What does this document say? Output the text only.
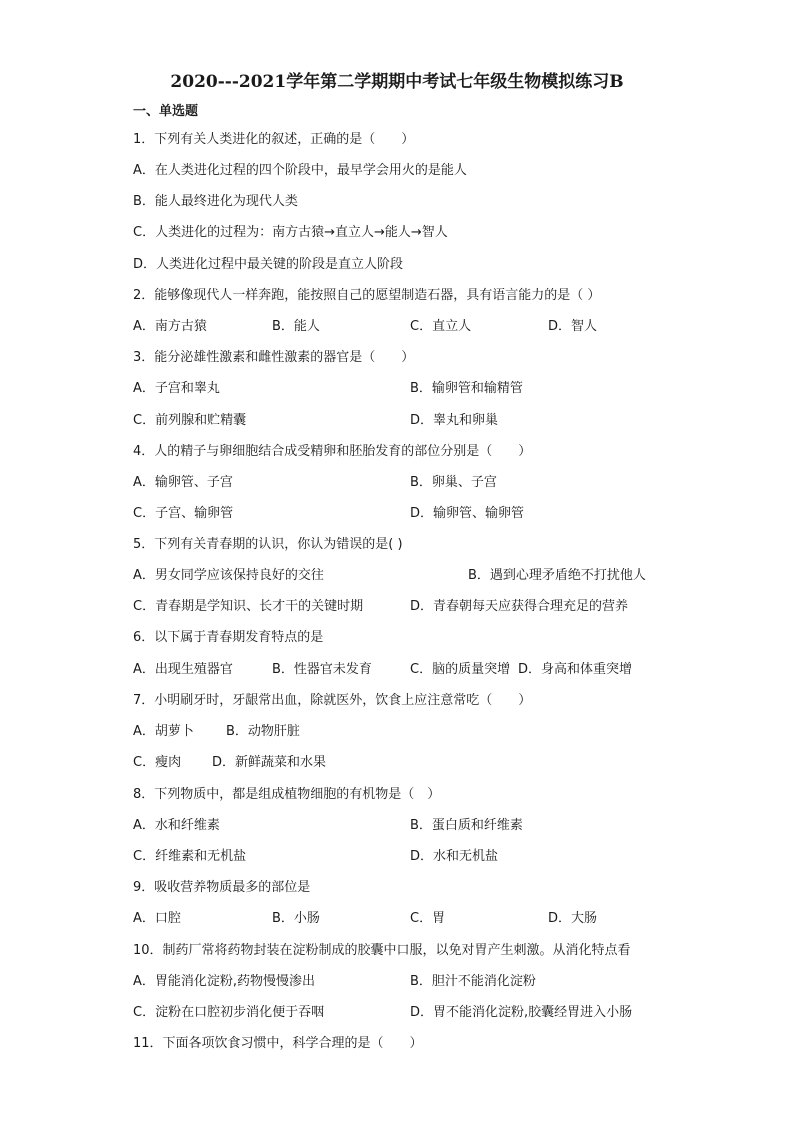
2020---2021学年第二学期期中考试七年级生物模拟练习B
一、单选题
1．下列有关人类进化的叙述，正确的是（　　）
A．在人类进化过程的四个阶段中，最早学会用火的是能人
B．能人最终进化为现代人类
C．人类进化的过程为：南方古猿→直立人→能人→智人
D．人类进化过程中最关键的阶段是直立人阶段
2．能够像现代人一样奔跑，能按照自己的愿望制造石器，具有语言能力的是（ ）
A．南方古猿	B．能人	C．直立人	D．智人
3．能分泌雄性激素和雌性激素的器官是（　　）
A．子宫和睾丸	B．输卵管和输精管
C．前列腺和贮精囊	D．睾丸和卵巢
4．人的精子与卵细胞结合成受精卵和胚胎发育的部位分别是（　　）
A．输卵管、子宫	B．卵巢、子宫
C．子宫、输卵管	D．输卵管、输卵管
5．下列有关青春期的认识，你认为错误的是( )
A．男女同学应该保持良好的交往	B．遇到心理矛盾绝不打扰他人
C．青春期是学知识、长才干的关键时期	D．青春朝每天应获得合理充足的营养
6．以下属于青春期发育特点的是
A．出现生殖器官	B．性器官未发育	C．脑的质量突增 D．身高和体重突增
7．小明刷牙时，牙龈常出血，除就医外，饮食上应注意常吃（　　）
A．胡萝卜 B．动物肝脏
C．瘦肉 D．新鲜蔬菜和水果
8．下列物质中，都是组成植物细胞的有机物是（　）
A．水和纤维素	B．蛋白质和纤维素
C．纤维素和无机盐	D．水和无机盐
9．吸收营养物质最多的部位是
A．口腔	B．小肠	C．胃	D．大肠
10．制药厂常将药物封装在淀粉制成的胶囊中口服，以免对胃产生刺激。从消化特点看
A．胃能消化淀粉,药物慢慢渗出	B．胆汁不能消化淀粉
C．淀粉在口腔初步消化便于吞咽	D．胃不能消化淀粉,胶囊经胃进入小肠
11．下面各项饮食习惯中，科学合理的是（　　）
